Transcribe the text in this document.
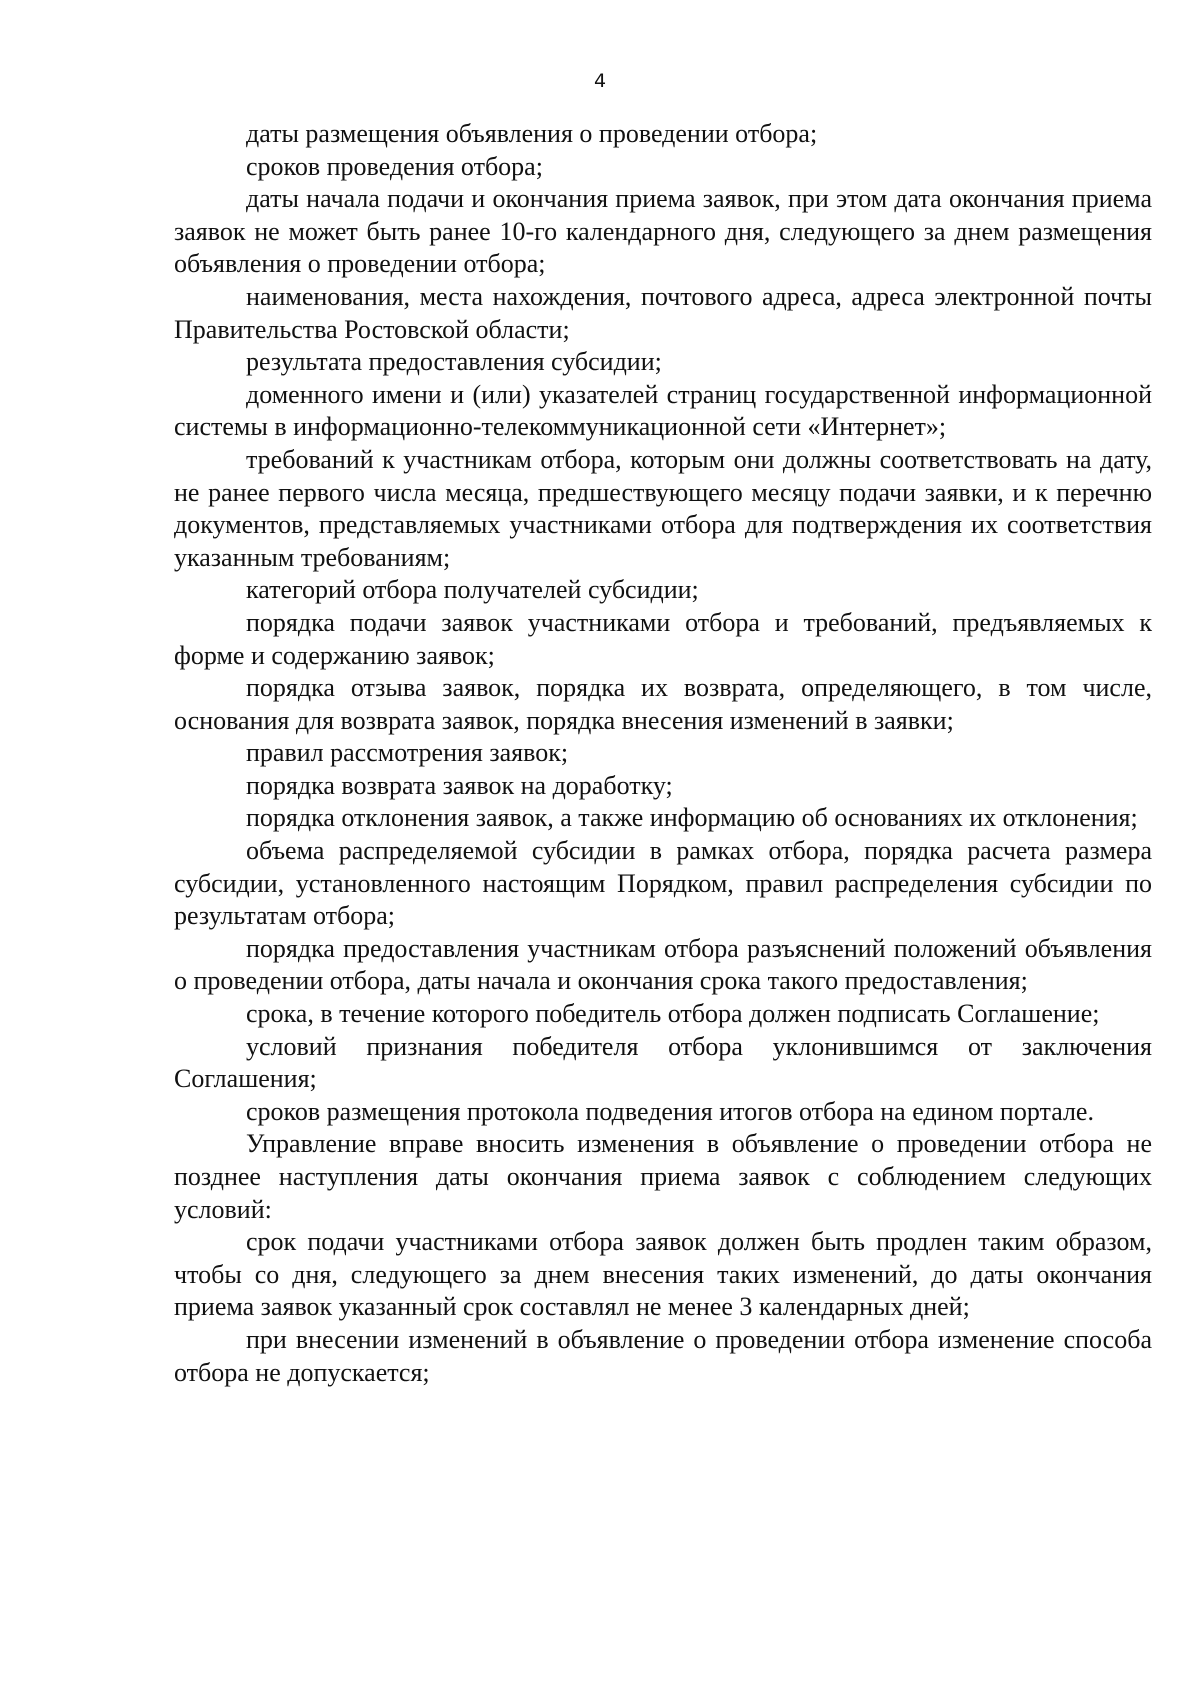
4

даты размещения объявления о проведении отбора;

сроков проведения отбора;

даты начала подачи и окончания приема заявок, при этом дата окончания приема заявок не может быть ранее 10-го календарного дня, следующего за днем размещения объявления о проведении отбора;

наименования, места нахождения, почтового адреса, адреса электронной почты Правительства Ростовской области;

результата предоставления субсидии;

доменного имени и (или) указателей страниц государственной информационной системы в информационно-телекоммуникационной сети «Интернет»;

требований к участникам отбора, которым они должны соответствовать на дату, не ранее первого числа месяца, предшествующего месяцу подачи заявки, и к перечню документов, представляемых участниками отбора для подтверждения их соответствия указанным требованиям;

категорий отбора получателей субсидии;

порядка подачи заявок участниками отбора и требований, предъявляемых к форме и содержанию заявок;

порядка отзыва заявок, порядка их возврата, определяющего, в том числе, основания для возврата заявок, порядка внесения изменений в заявки;

правил рассмотрения заявок;

порядка возврата заявок на доработку;

порядка отклонения заявок, а также информацию об основаниях их отклонения;

объема распределяемой субсидии в рамках отбора, порядка расчета размера субсидии, установленного настоящим Порядком, правил распределения субсидии по результатам отбора;

порядка предоставления участникам отбора разъяснений положений объявления о проведении отбора, даты начала и окончания срока такого предоставления;

срока, в течение которого победитель отбора должен подписать Соглашение;

условий признания победителя отбора уклонившимся от заключения Соглашения;

сроков размещения протокола подведения итогов отбора на едином портале.

Управление вправе вносить изменения в объявление о проведении отбора не позднее наступления даты окончания приема заявок с соблюдением следующих условий:

срок подачи участниками отбора заявок должен быть продлен таким образом, чтобы со дня, следующего за днем внесения таких изменений, до даты окончания приема заявок указанный срок составлял не менее 3 календарных дней;

при внесении изменений в объявление о проведении отбора изменение способа отбора не допускается;
